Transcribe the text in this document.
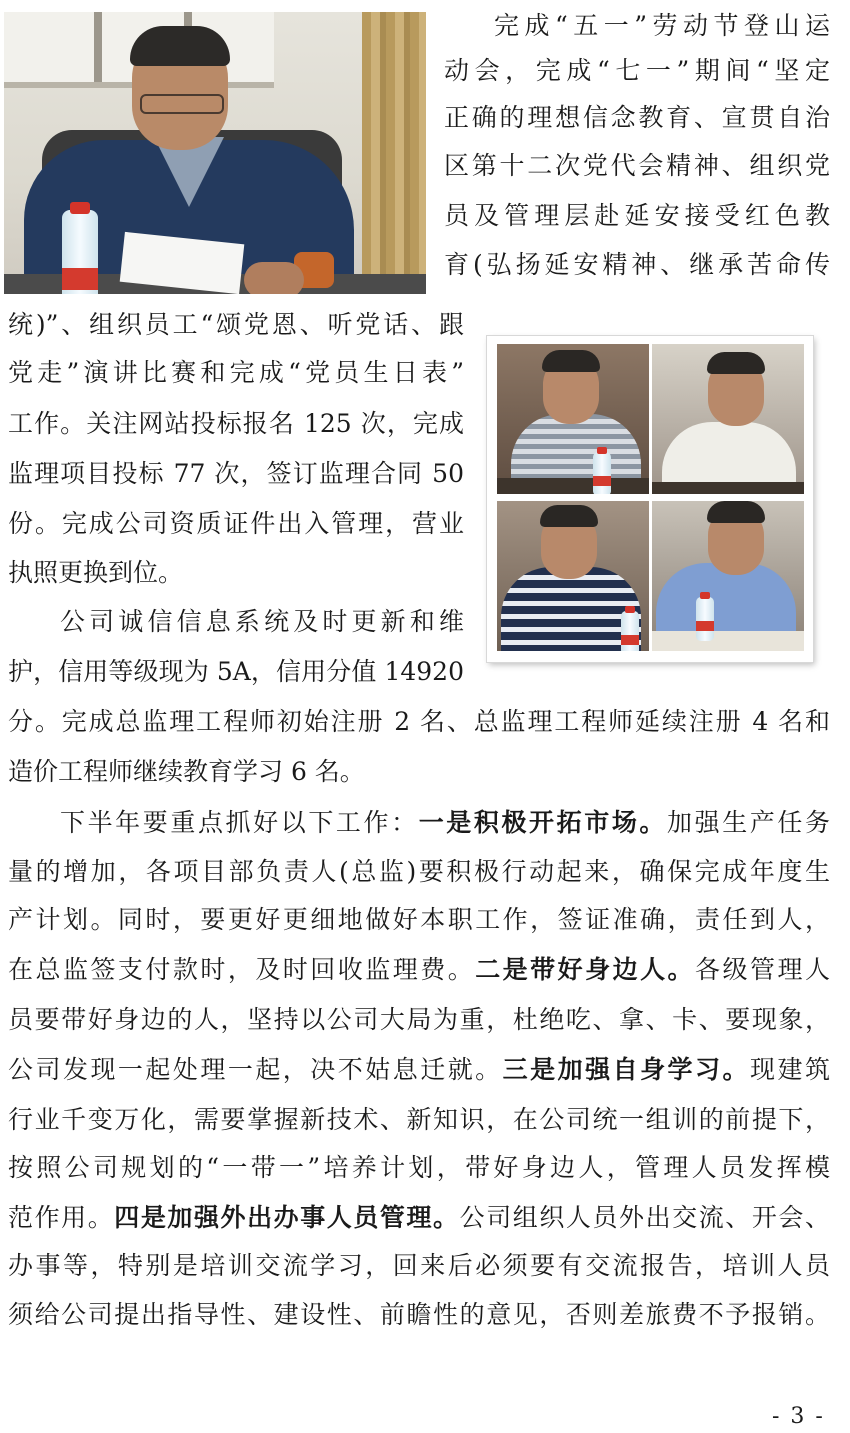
完成“五一”劳动节登山运
动会，完成“七一”期间“坚定
正确的理想信念教育、宣贯自治
区第十二次党代会精神、组织党
员及管理层赴延安接受红色教
育(弘扬延安精神、继承苦命传
统)”、组织员工“颂党恩、听党话、跟
党走”演讲比赛和完成“党员生日表”
工作。关注网站投标报名 125 次，完成
监理项目投标 77 次，签订监理合同 50
份。完成公司资质证件出入管理，营业
执照更换到位。
公司诚信信息系统及时更新和维
护，信用等级现为 5A，信用分值 14920
分。完成总监理工程师初始注册 2 名、总监理工程师延续注册 4 名和
造价工程师继续教育学习 6 名。
下半年要重点抓好以下工作：一是积极开拓市场。加强生产任务
量的增加，各项目部负责人(总监)要积极行动起来，确保完成年度生
产计划。同时，要更好更细地做好本职工作，签证准确，责任到人，
在总监签支付款时，及时回收监理费。二是带好身边人。各级管理人
员要带好身边的人，坚持以公司大局为重，杜绝吃、拿、卡、要现象，
公司发现一起处理一起，决不姑息迁就。三是加强自身学习。现建筑
行业千变万化，需要掌握新技术、新知识，在公司统一组训的前提下，
按照公司规划的“一带一”培养计划，带好身边人，管理人员发挥模
范作用。四是加强外出办事人员管理。公司组织人员外出交流、开会、
办事等，特别是培训交流学习，回来后必须要有交流报告，培训人员
须给公司提出指导性、建设性、前瞻性的意见，否则差旅费不予报销。
- 3 -
